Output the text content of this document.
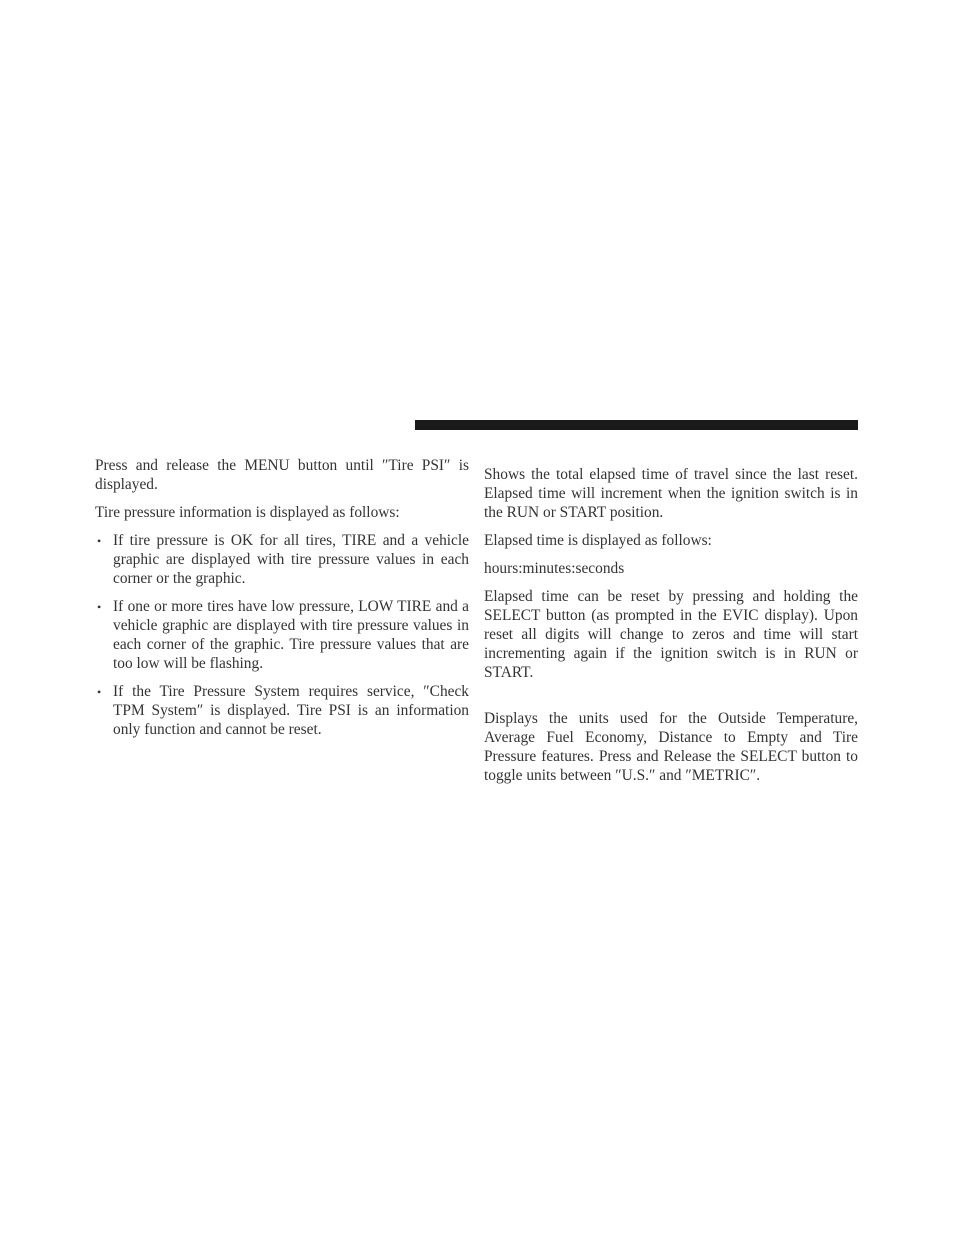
Press and release the MENU button until ″Tire PSI″ is displayed.

Tire pressure information is displayed as follows:

• If tire pressure is OK for all tires, TIRE and a vehicle graphic are displayed with tire pressure values in each corner or the graphic.
• If one or more tires have low pressure, LOW TIRE and a vehicle graphic are displayed with tire pressure values in each corner of the graphic. Tire pressure values that are too low will be flashing.
• If the Tire Pressure System requires service, ″Check TPM System″ is displayed. Tire PSI is an information only function and cannot be reset.

Shows the total elapsed time of travel since the last reset. Elapsed time will increment when the ignition switch is in the RUN or START position.

Elapsed time is displayed as follows:

hours:minutes:seconds

Elapsed time can be reset by pressing and holding the SELECT button (as prompted in the EVIC display). Upon reset all digits will change to zeros and time will start incrementing again if the ignition switch is in RUN or START.

Displays the units used for the Outside Temperature, Average Fuel Economy, Distance to Empty and Tire Pressure features. Press and Release the SELECT button to toggle units between ″U.S.″ and ″METRIC″.
